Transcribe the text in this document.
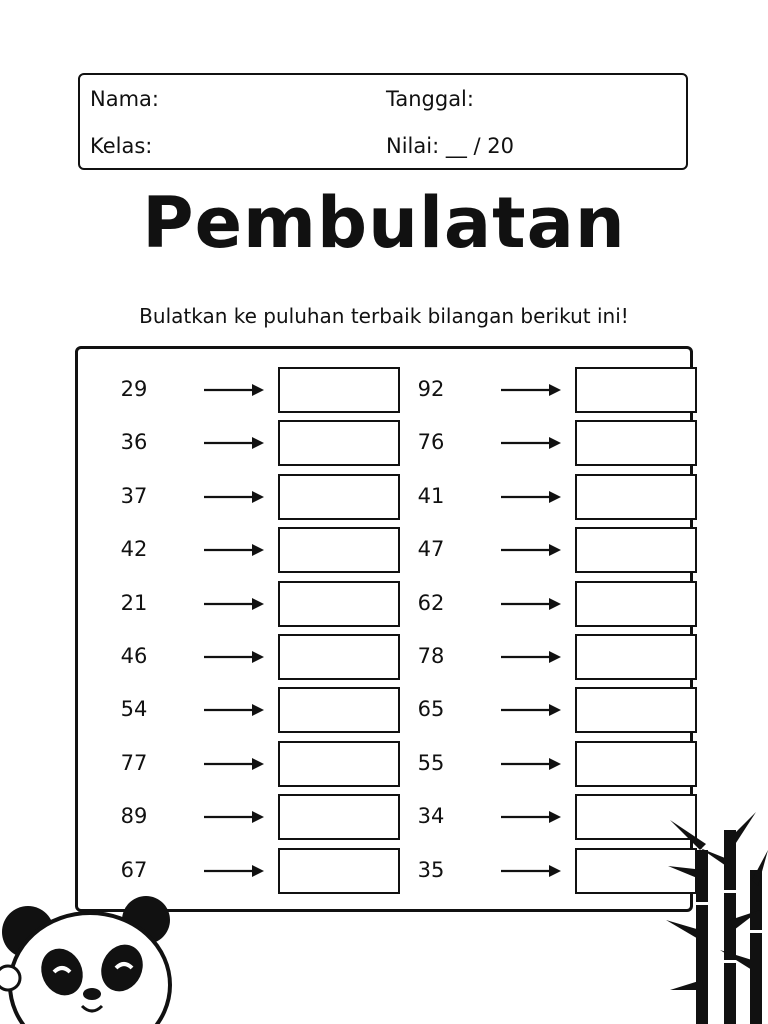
Nama:	Tanggal:
Kelas:	Nilai: __ / 20
Pembulatan
Bulatkan ke puluhan terbaik bilangan berikut ini!
29
36
37
42
21
46
54
77
89
67
92
76
41
47
62
78
65
55
34
35
